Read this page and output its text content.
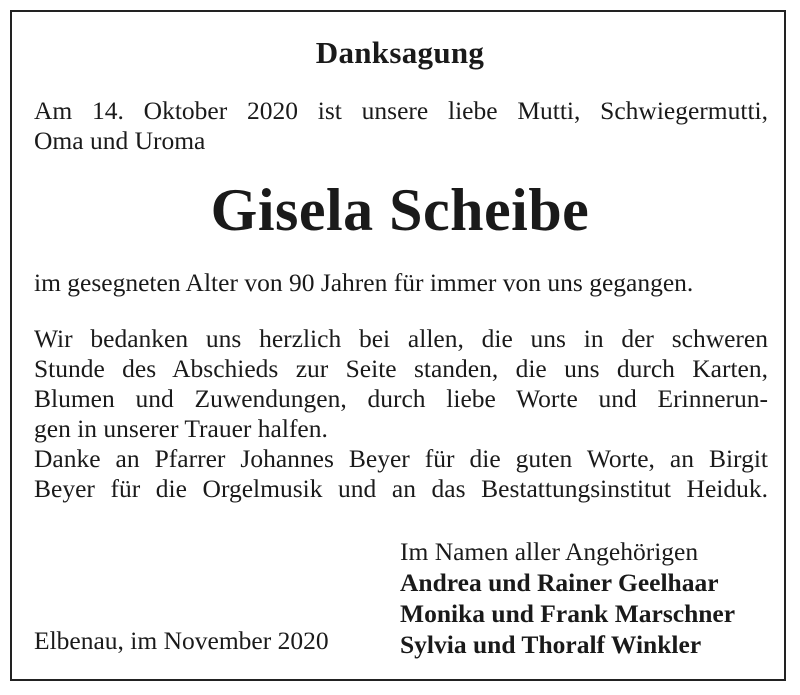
Danksagung
Am 14. Oktober 2020 ist unsere liebe Mutti, Schwiegermutti,
Oma und Uroma
Gisela Scheibe
im gesegneten Alter von 90 Jahren für immer von uns gegangen.
Wir bedanken uns herzlich bei allen, die uns in der schweren
Stunde des Abschieds zur Seite standen, die uns durch Karten,
Blumen und Zuwendungen, durch liebe Worte und Erinnerun-
gen in unserer Trauer halfen.
Danke an Pfarrer Johannes Beyer für die guten Worte, an Birgit
Beyer für die Orgelmusik und an das Bestattungsinstitut Heiduk.
Im Namen aller Angehörigen
Andrea und Rainer Geelhaar
Monika und Frank Marschner
Sylvia und Thoralf Winkler
Elbenau, im November 2020
